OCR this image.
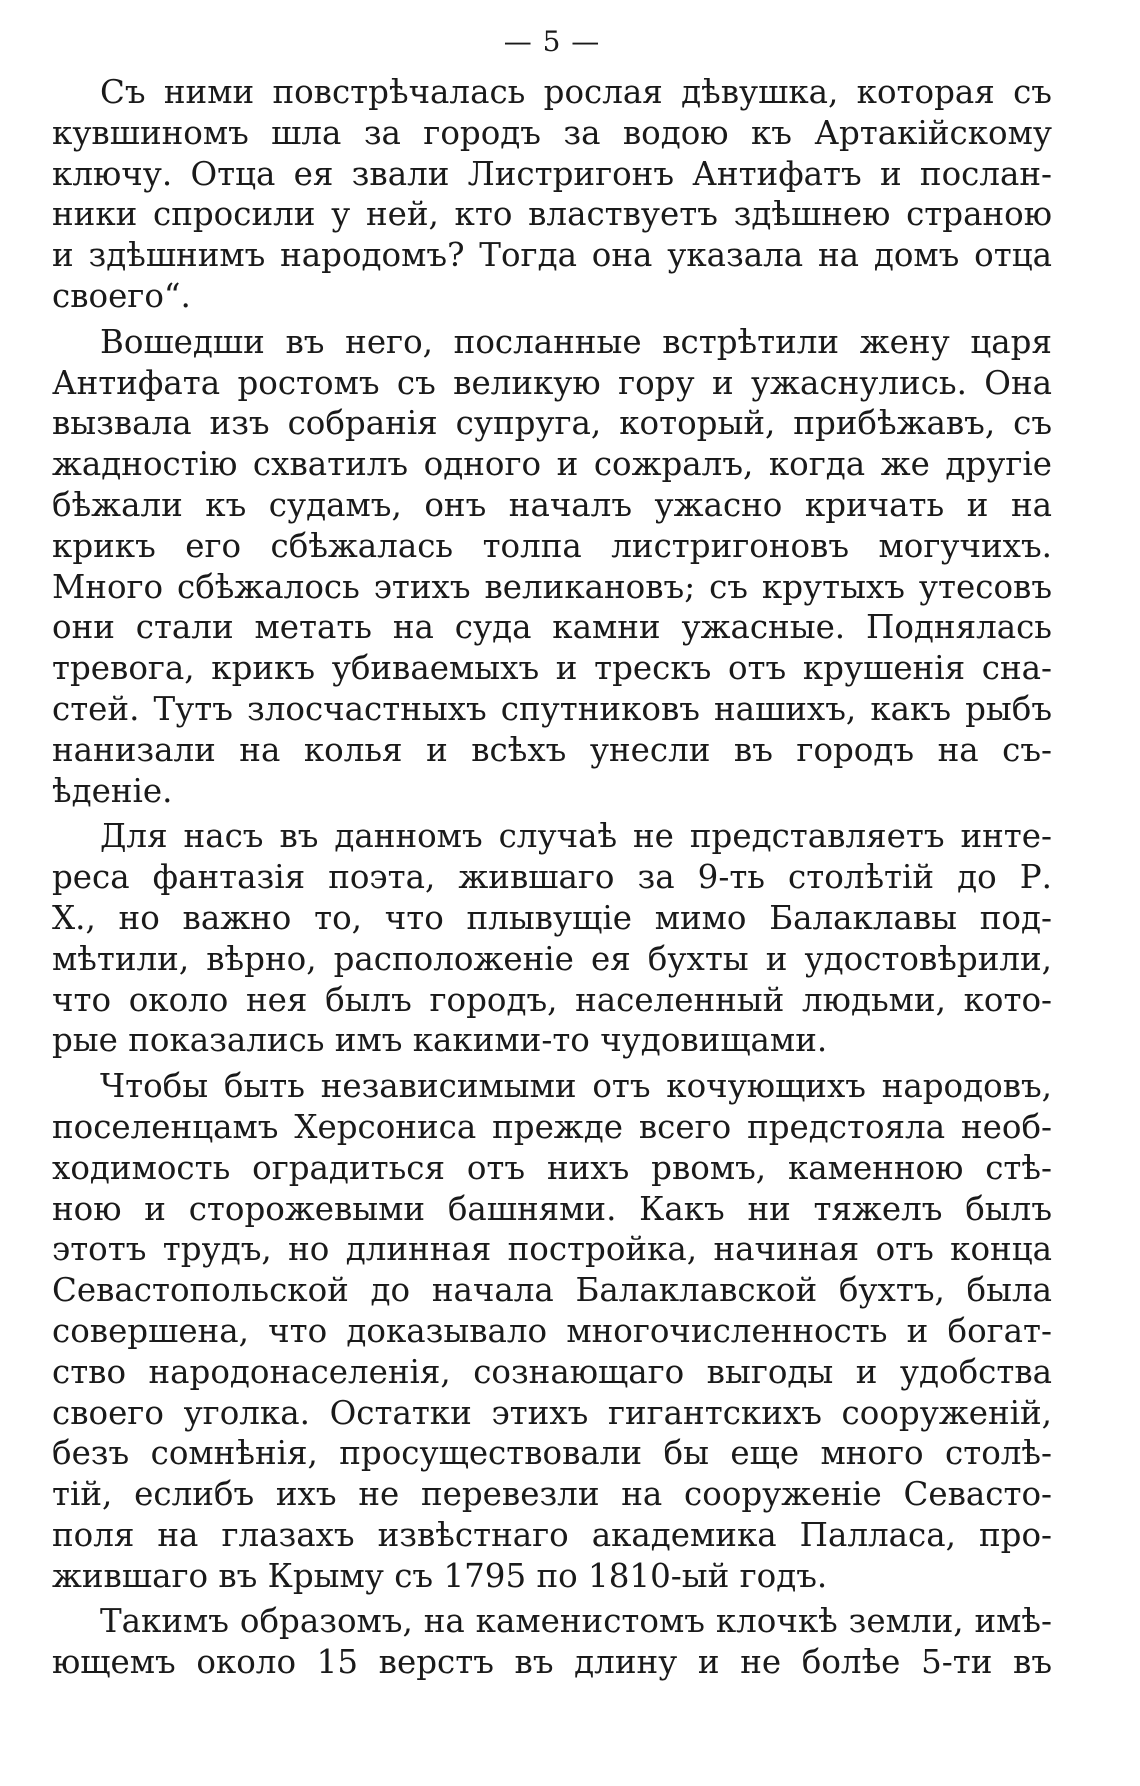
— 5 —
Съ ними повстрѣчалась рослая дѣвушка, которая съ
кувшиномъ шла за городъ за водою къ Артакійскому
ключу. Отца ея звали Листригонъ Антифатъ и послан-
ники спросили у ней, кто властвуетъ здѣшнею страною
и здѣшнимъ народомъ? Тогда она указала на домъ отца
своего“.
Вошедши въ него, посланные встрѣтили жену царя
Антифата ростомъ съ великую гору и ужаснулись. Она
вызвала изъ собранія супруга, который, прибѣжавъ, съ
жадностію схватилъ одного и сожралъ, когда же другіе
бѣжали къ судамъ, онъ началъ ужасно кричать и на
крикъ его сбѣжалась толпа листригоновъ могучихъ.
Много сбѣжалось этихъ великановъ; съ крутыхъ утесовъ
они стали метать на суда камни ужасные. Поднялась
тревога, крикъ убиваемыхъ и трескъ отъ крушенія сна-
стей. Тутъ злосчастныхъ спутниковъ нашихъ, какъ рыбъ
нанизали на колья и всѣхъ унесли въ городъ на съ-
ѣденіе.
Для насъ въ данномъ случаѣ не представляетъ инте-
реса фантазія поэта, жившаго за 9-ть столѣтій до Р.
Х., но важно то, что плывущіе мимо Балаклавы под-
мѣтили, вѣрно, расположеніе ея бухты и удостовѣрили,
что около нея былъ городъ, населенный людьми, кото-
рые показались имъ какими-то чудовищами.
Чтобы быть независимыми отъ кочующихъ народовъ,
поселенцамъ Херсониса прежде всего предстояла необ-
ходимость оградиться отъ нихъ рвомъ, каменною стѣ-
ною и сторожевыми башнями. Какъ ни тяжелъ былъ
этотъ трудъ, но длинная постройка, начиная отъ конца
Севастопольской до начала Балаклавской бухтъ, была
совершена, что доказывало многочисленность и богат-
ство народонаселенія, сознающаго выгоды и удобства
своего уголка. Остатки этихъ гигантскихъ сооруженій,
безъ сомнѣнія, просуществовали бы еще много столѣ-
тій, еслибъ ихъ не перевезли на сооруженіе Севасто-
поля на глазахъ извѣстнаго академика Палласа, про-
жившаго въ Крыму съ 1795 по 1810-ый годъ.
Такимъ образомъ, на каменистомъ клочкѣ земли, имѣ-
ющемъ около 15 верстъ въ длину и не болѣе 5-ти въ
